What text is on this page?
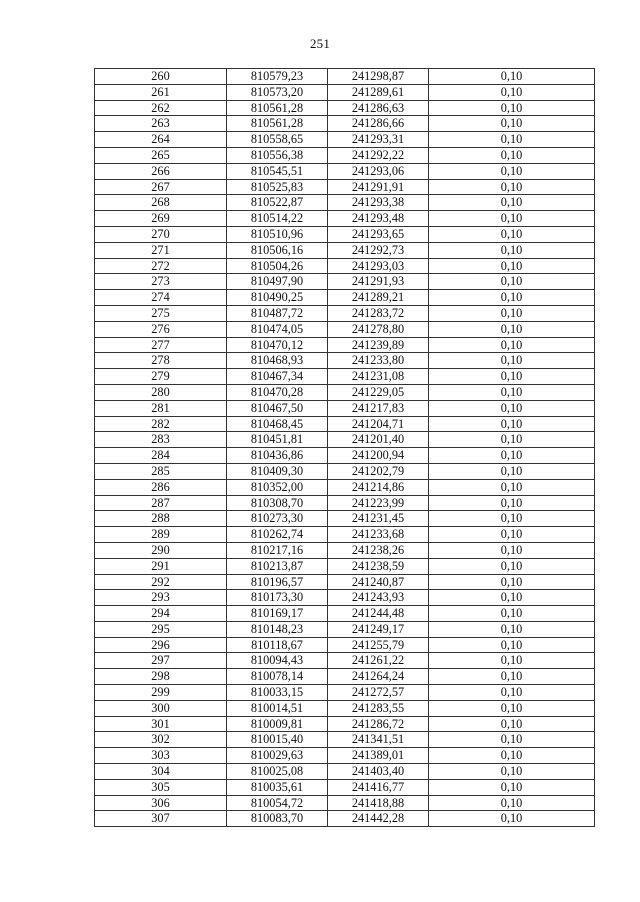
251
260	810579,23	241298,87	0,10
261	810573,20	241289,61	0,10
262	810561,28	241286,63	0,10
263	810561,28	241286,66	0,10
264	810558,65	241293,31	0,10
265	810556,38	241292,22	0,10
266	810545,51	241293,06	0,10
267	810525,83	241291,91	0,10
268	810522,87	241293,38	0,10
269	810514,22	241293,48	0,10
270	810510,96	241293,65	0,10
271	810506,16	241292,73	0,10
272	810504,26	241293,03	0,10
273	810497,90	241291,93	0,10
274	810490,25	241289,21	0,10
275	810487,72	241283,72	0,10
276	810474,05	241278,80	0,10
277	810470,12	241239,89	0,10
278	810468,93	241233,80	0,10
279	810467,34	241231,08	0,10
280	810470,28	241229,05	0,10
281	810467,50	241217,83	0,10
282	810468,45	241204,71	0,10
283	810451,81	241201,40	0,10
284	810436,86	241200,94	0,10
285	810409,30	241202,79	0,10
286	810352,00	241214,86	0,10
287	810308,70	241223,99	0,10
288	810273,30	241231,45	0,10
289	810262,74	241233,68	0,10
290	810217,16	241238,26	0,10
291	810213,87	241238,59	0,10
292	810196,57	241240,87	0,10
293	810173,30	241243,93	0,10
294	810169,17	241244,48	0,10
295	810148,23	241249,17	0,10
296	810118,67	241255,79	0,10
297	810094,43	241261,22	0,10
298	810078,14	241264,24	0,10
299	810033,15	241272,57	0,10
300	810014,51	241283,55	0,10
301	810009,81	241286,72	0,10
302	810015,40	241341,51	0,10
303	810029,63	241389,01	0,10
304	810025,08	241403,40	0,10
305	810035,61	241416,77	0,10
306	810054,72	241418,88	0,10
307	810083,70	241442,28	0,10
